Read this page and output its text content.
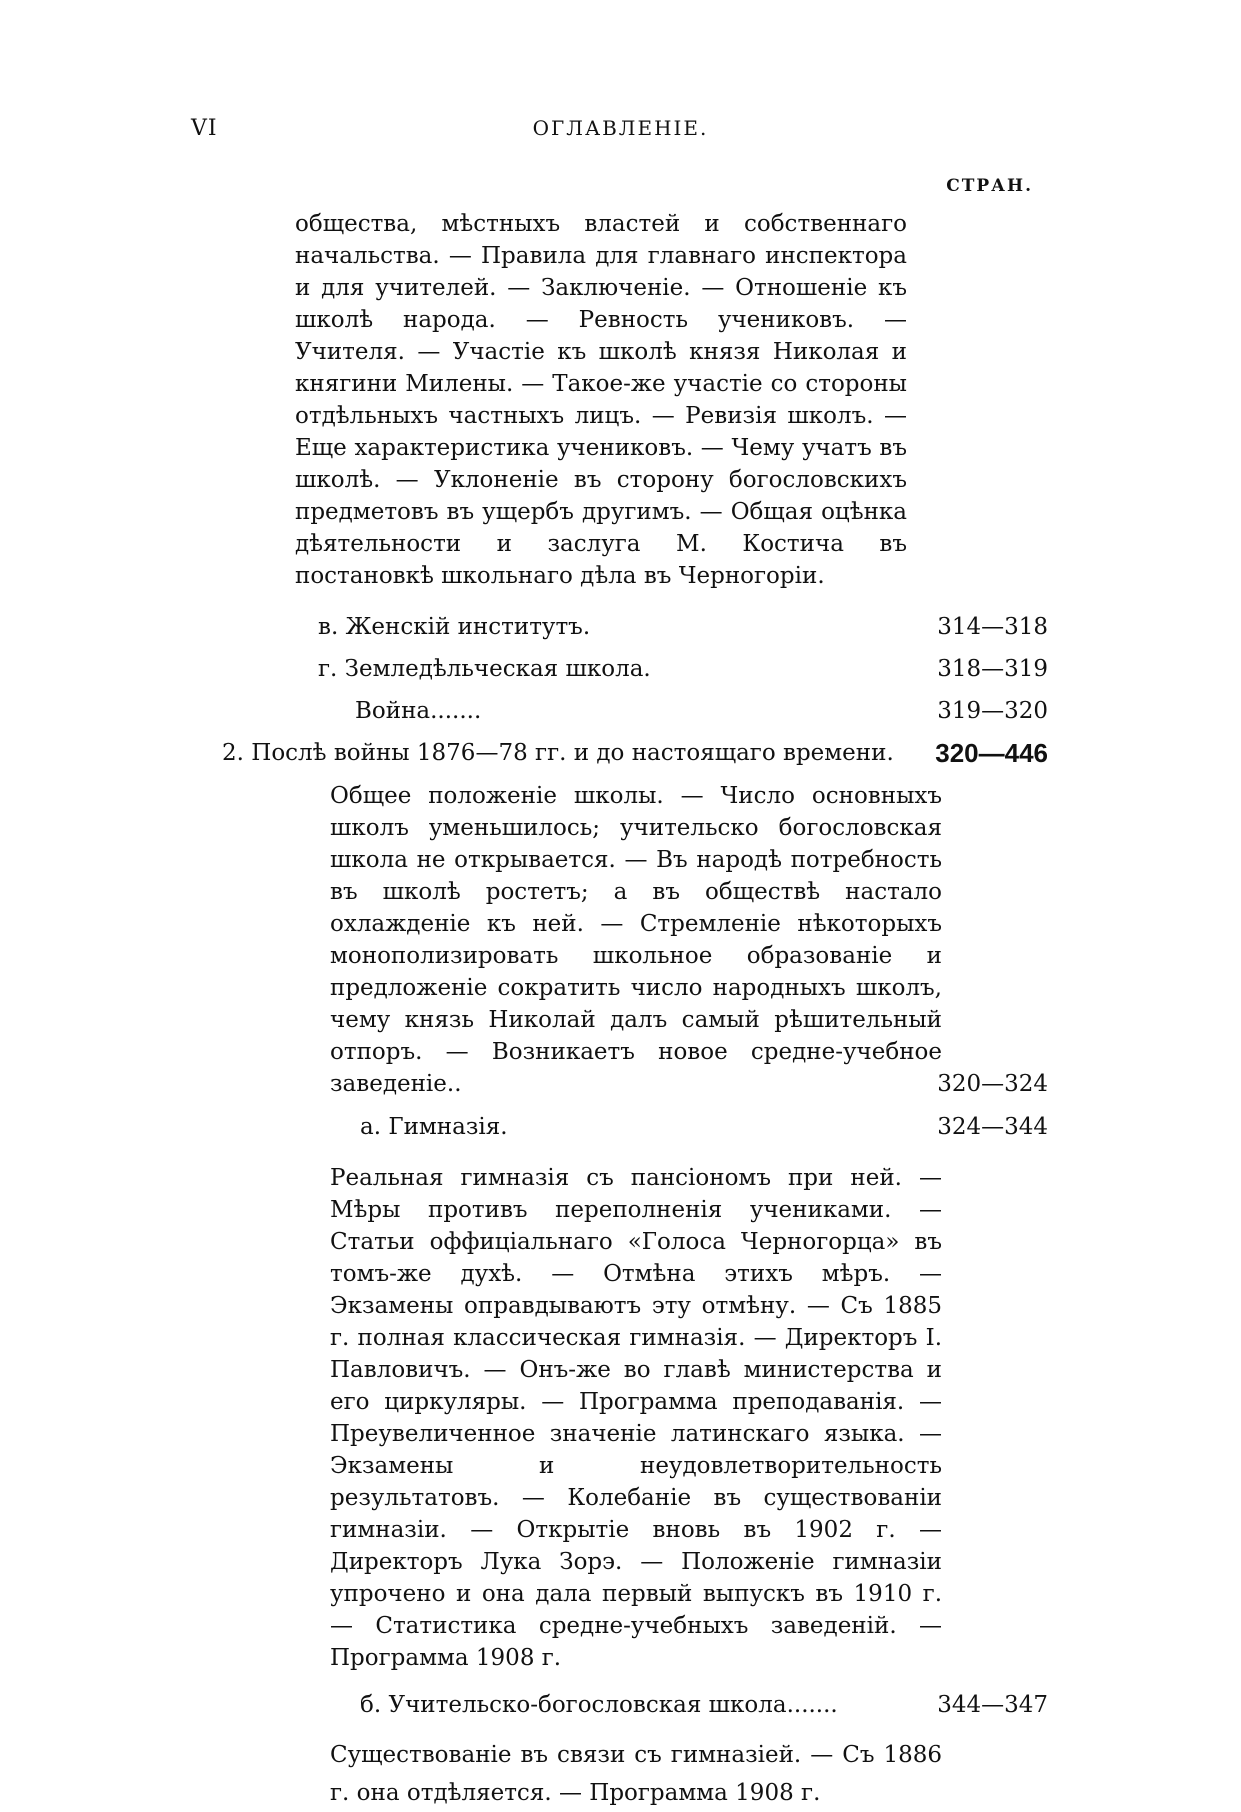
VI	ОГЛАВЛЕНІЕ.
СТРАН.
общества, мѣстныхъ властей и собственнаго начальства. — Правила для главнаго инспектора и для учителей. — Заключеніе. — Отношеніе къ школѣ народа. — Ревность учениковъ. — Учителя. — Участіе къ школѣ князя Николая и княгини Милены. — Такое-же участіе со стороны отдѣльныхъ частныхъ лицъ. — Ревизія школъ. — Еще характеристика учениковъ. — Чему учатъ въ школѣ. — Уклоненіе въ сторону богословскихъ предметовъ въ ущербъ другимъ. — Общая оцѣнка дѣятельности и заслуга М. Костича въ постановкѣ школьнаго дѣла въ Черногоріи.
в. Женскій институтъ.	314—318
г. Земледѣльческая школа.	318—319
Война.......	319—320
2. Послѣ войны 1876—78 гг. и до настоящаго времени. 320—446
Общее положеніе школы. — Число основныхъ школъ уменьшилось; учительско богословская школа не открывается. — Въ народѣ потребность въ школѣ ростетъ; а въ обществѣ настало охлажденіе къ ней. — Стремленіе нѣкоторыхъ монополизировать школьное образованіе и предложеніе сократить число народныхъ школъ, чему князь Николай далъ самый рѣшительный отпоръ. — Возникаетъ новое средне-учебное заведеніе..	320—324
а. Гимназія.	324—344
Реальная гимназія съ пансіономъ при ней. — Мѣры противъ переполненія учениками. — Статьи оффиціальнаго «Голоса Черногорца» въ томъ-же духѣ. — Отмѣна этихъ мѣръ. — Экзамены оправдываютъ эту отмѣну. — Съ 1885 г. полная классическая гимназія. — Директоръ І. Павловичъ. — Онъ-же во главѣ министерства и его циркуляры. — Программа преподаванія. — Преувеличенное значеніе латинскаго языка. — Экзамены и неудовлетворительность результатовъ. — Колебаніе въ существованіи гимназіи. — Открытіе вновь въ 1902 г. — Директоръ Лука Зорэ. — Положеніе гимназіи упрочено и она дала первый выпускъ въ 1910 г. — Статистика средне-учебныхъ заведеній. — Программа 1908 г.
б. Учительско-богословская школа.......	344—347
Существованіе въ связи съ гимназіей. — Съ 1886 г. она отдѣляется. — Программа 1908 г.
